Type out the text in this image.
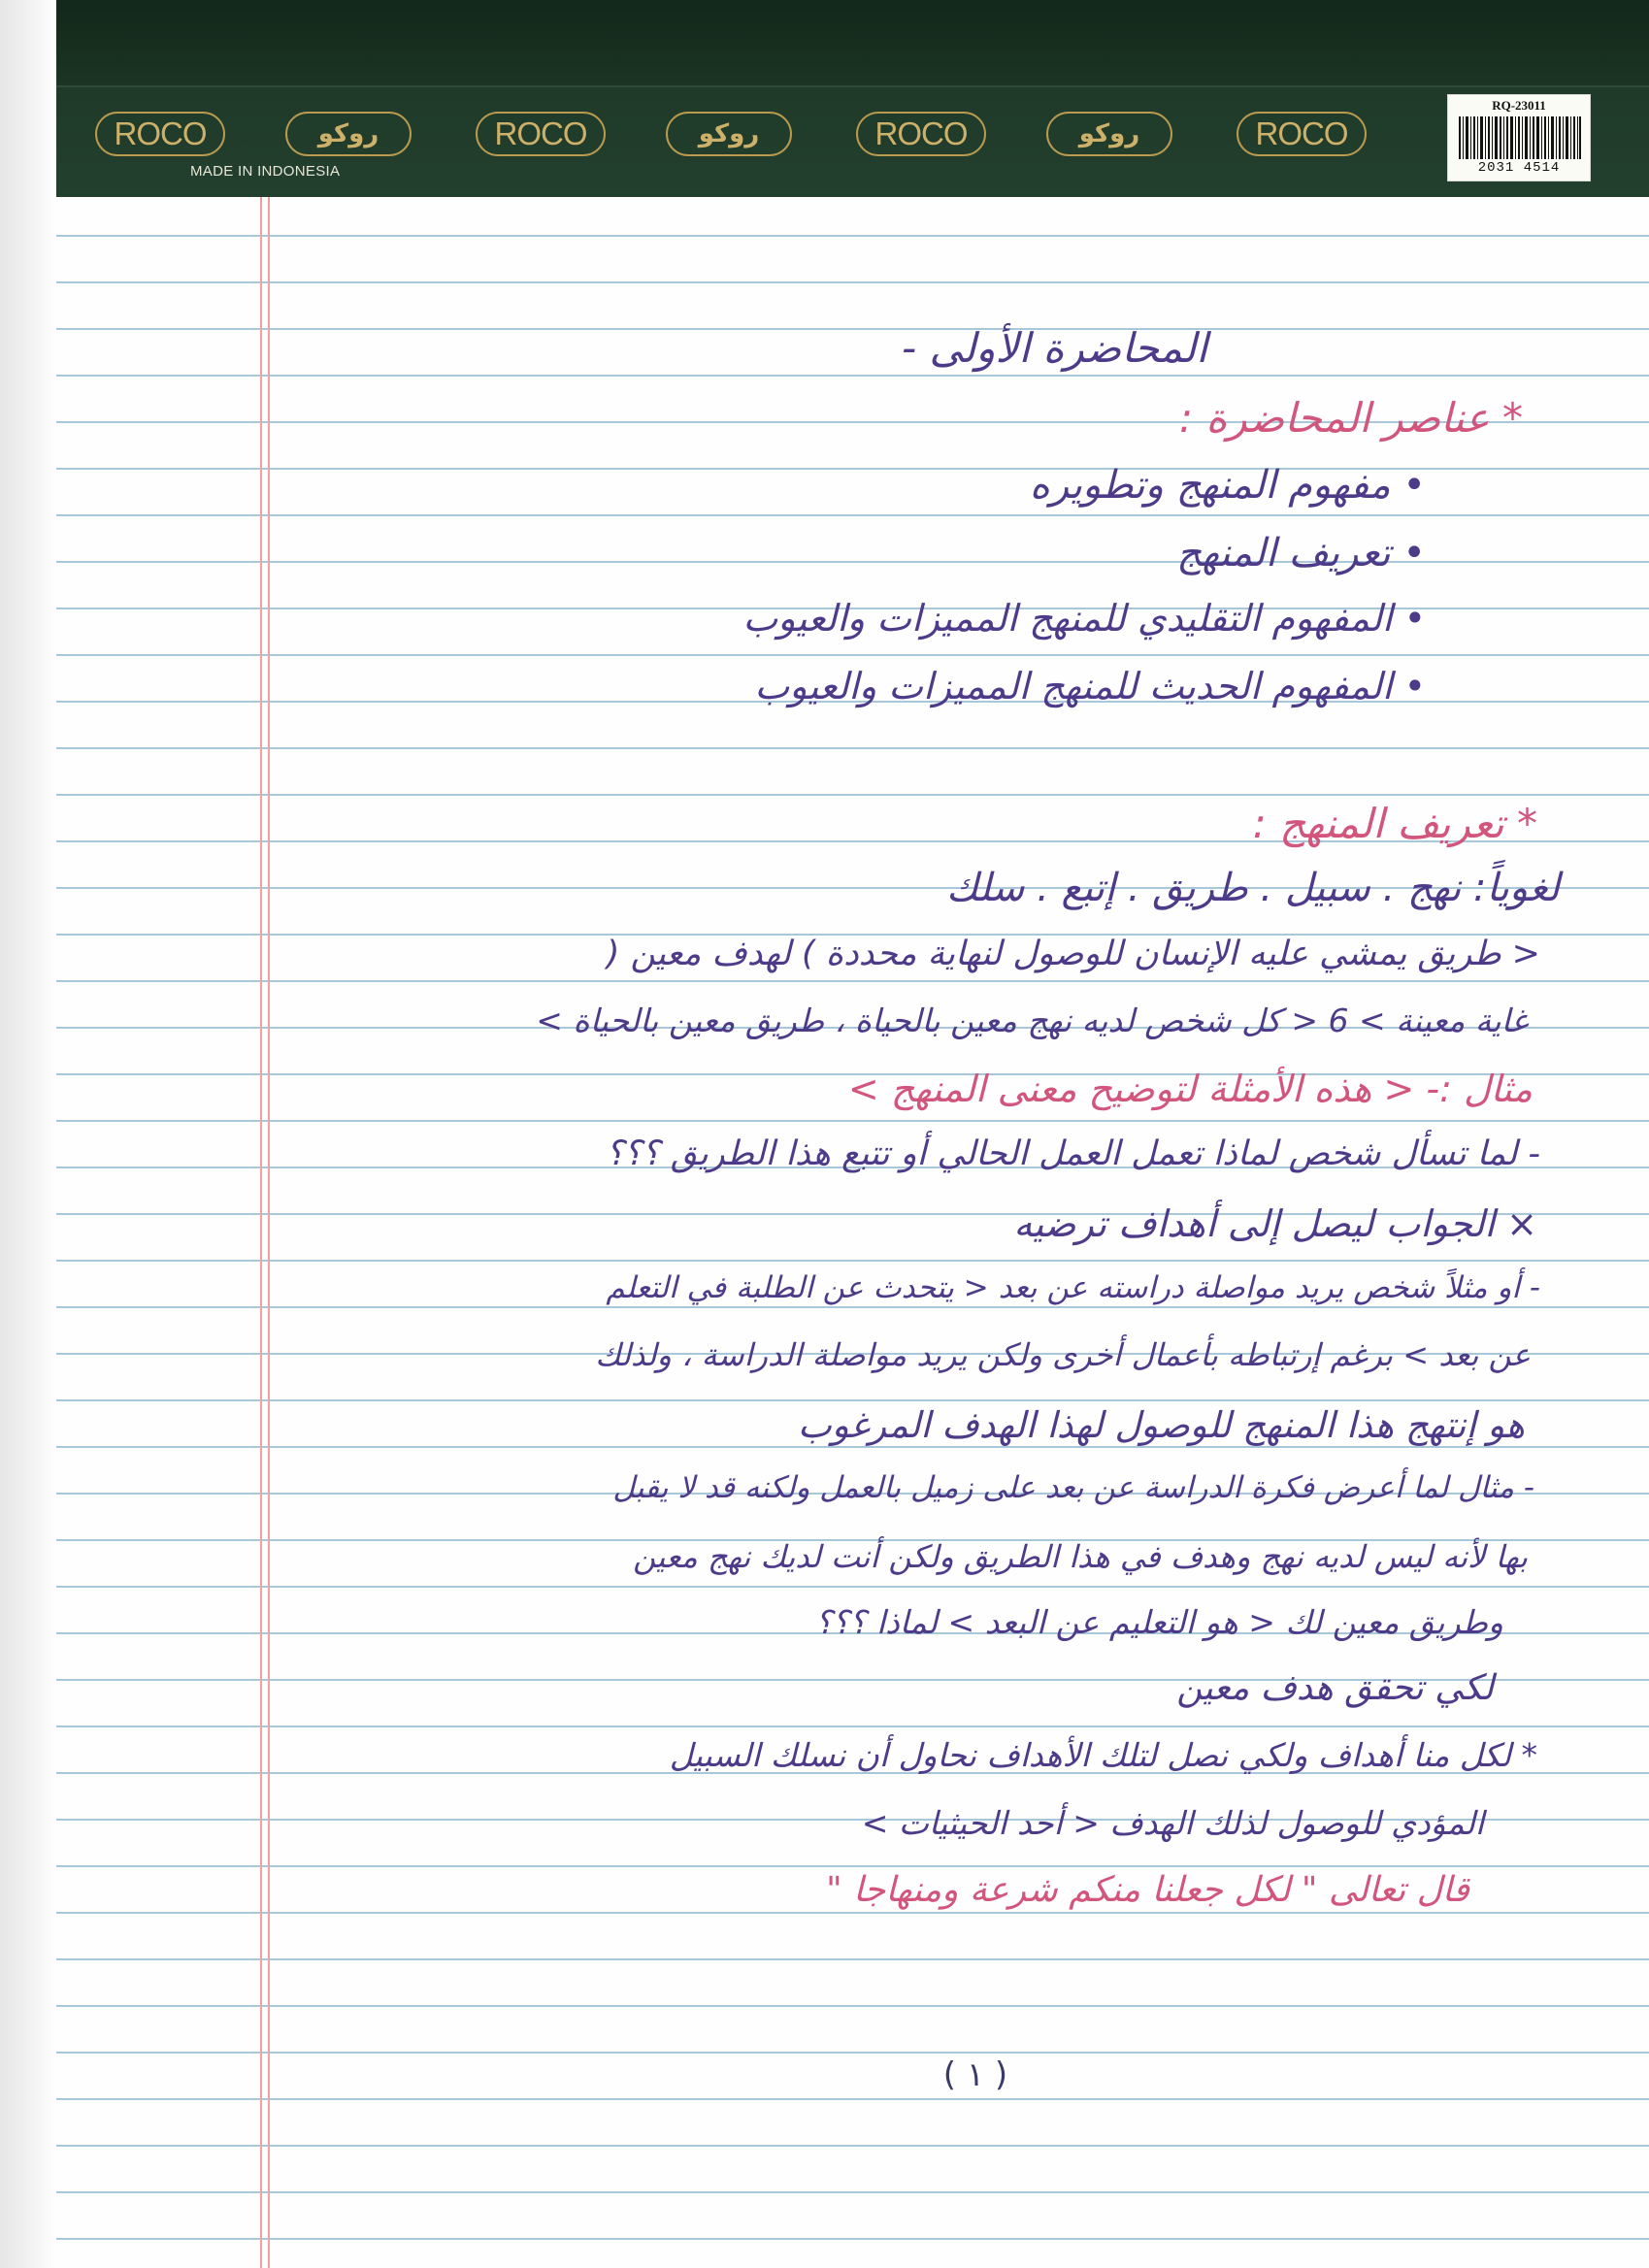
ROCO	روكو	ROCO	روكو	ROCO	روكو	ROCO
MADE IN INDONESIA
RQ-23011
2031 4514
المحاضرة الأولى -
* عناصر المحاضرة :
• مفهوم المنهج وتطويره
• تعريف المنهج
• المفهوم التقليدي للمنهج المميزات والعيوب
• المفهوم الحديث للمنهج المميزات والعيوب
* تعريف المنهج :
لغوياً: نهج . سبيل . طريق . إتبع . سلك
< طريق يمشي عليه الإنسان للوصول لنهاية محددة ) لهدف معين (
غاية معينة > 6 < كل شخص لديه نهج معين بالحياة ، طريق معين بالحياة >
مثال :- < هذه الأمثلة لتوضيح معنى المنهج >
- لما تسأل شخص لماذا تعمل العمل الحالي أو تتبع هذا الطريق ؟؟؟
× الجواب ليصل إلى أهداف ترضيه
- أو مثلاً شخص يريد مواصلة دراسته عن بعد < يتحدث عن الطلبة في التعلم
عن بعد > برغم إرتباطه بأعمال أخرى ولكن يريد مواصلة الدراسة ، ولذلك
هو إنتهج هذا المنهج للوصول لهذا الهدف المرغوب
- مثال لما أعرض فكرة الدراسة عن بعد على زميل بالعمل ولكنه قد لا يقبل
بها لأنه ليس لديه نهج وهدف في هذا الطريق ولكن أنت لديك نهج معين
وطريق معين لك < هو التعليم عن البعد > لماذا ؟؟؟
لكي تحقق هدف معين
* لكل منا أهداف ولكي نصل لتلك الأهداف نحاول أن نسلك السبيل
المؤدي للوصول لذلك الهدف < أحد الحيثيات >
قال تعالى " لكل جعلنا منكم شرعة ومنهاجا "
( ١ )
